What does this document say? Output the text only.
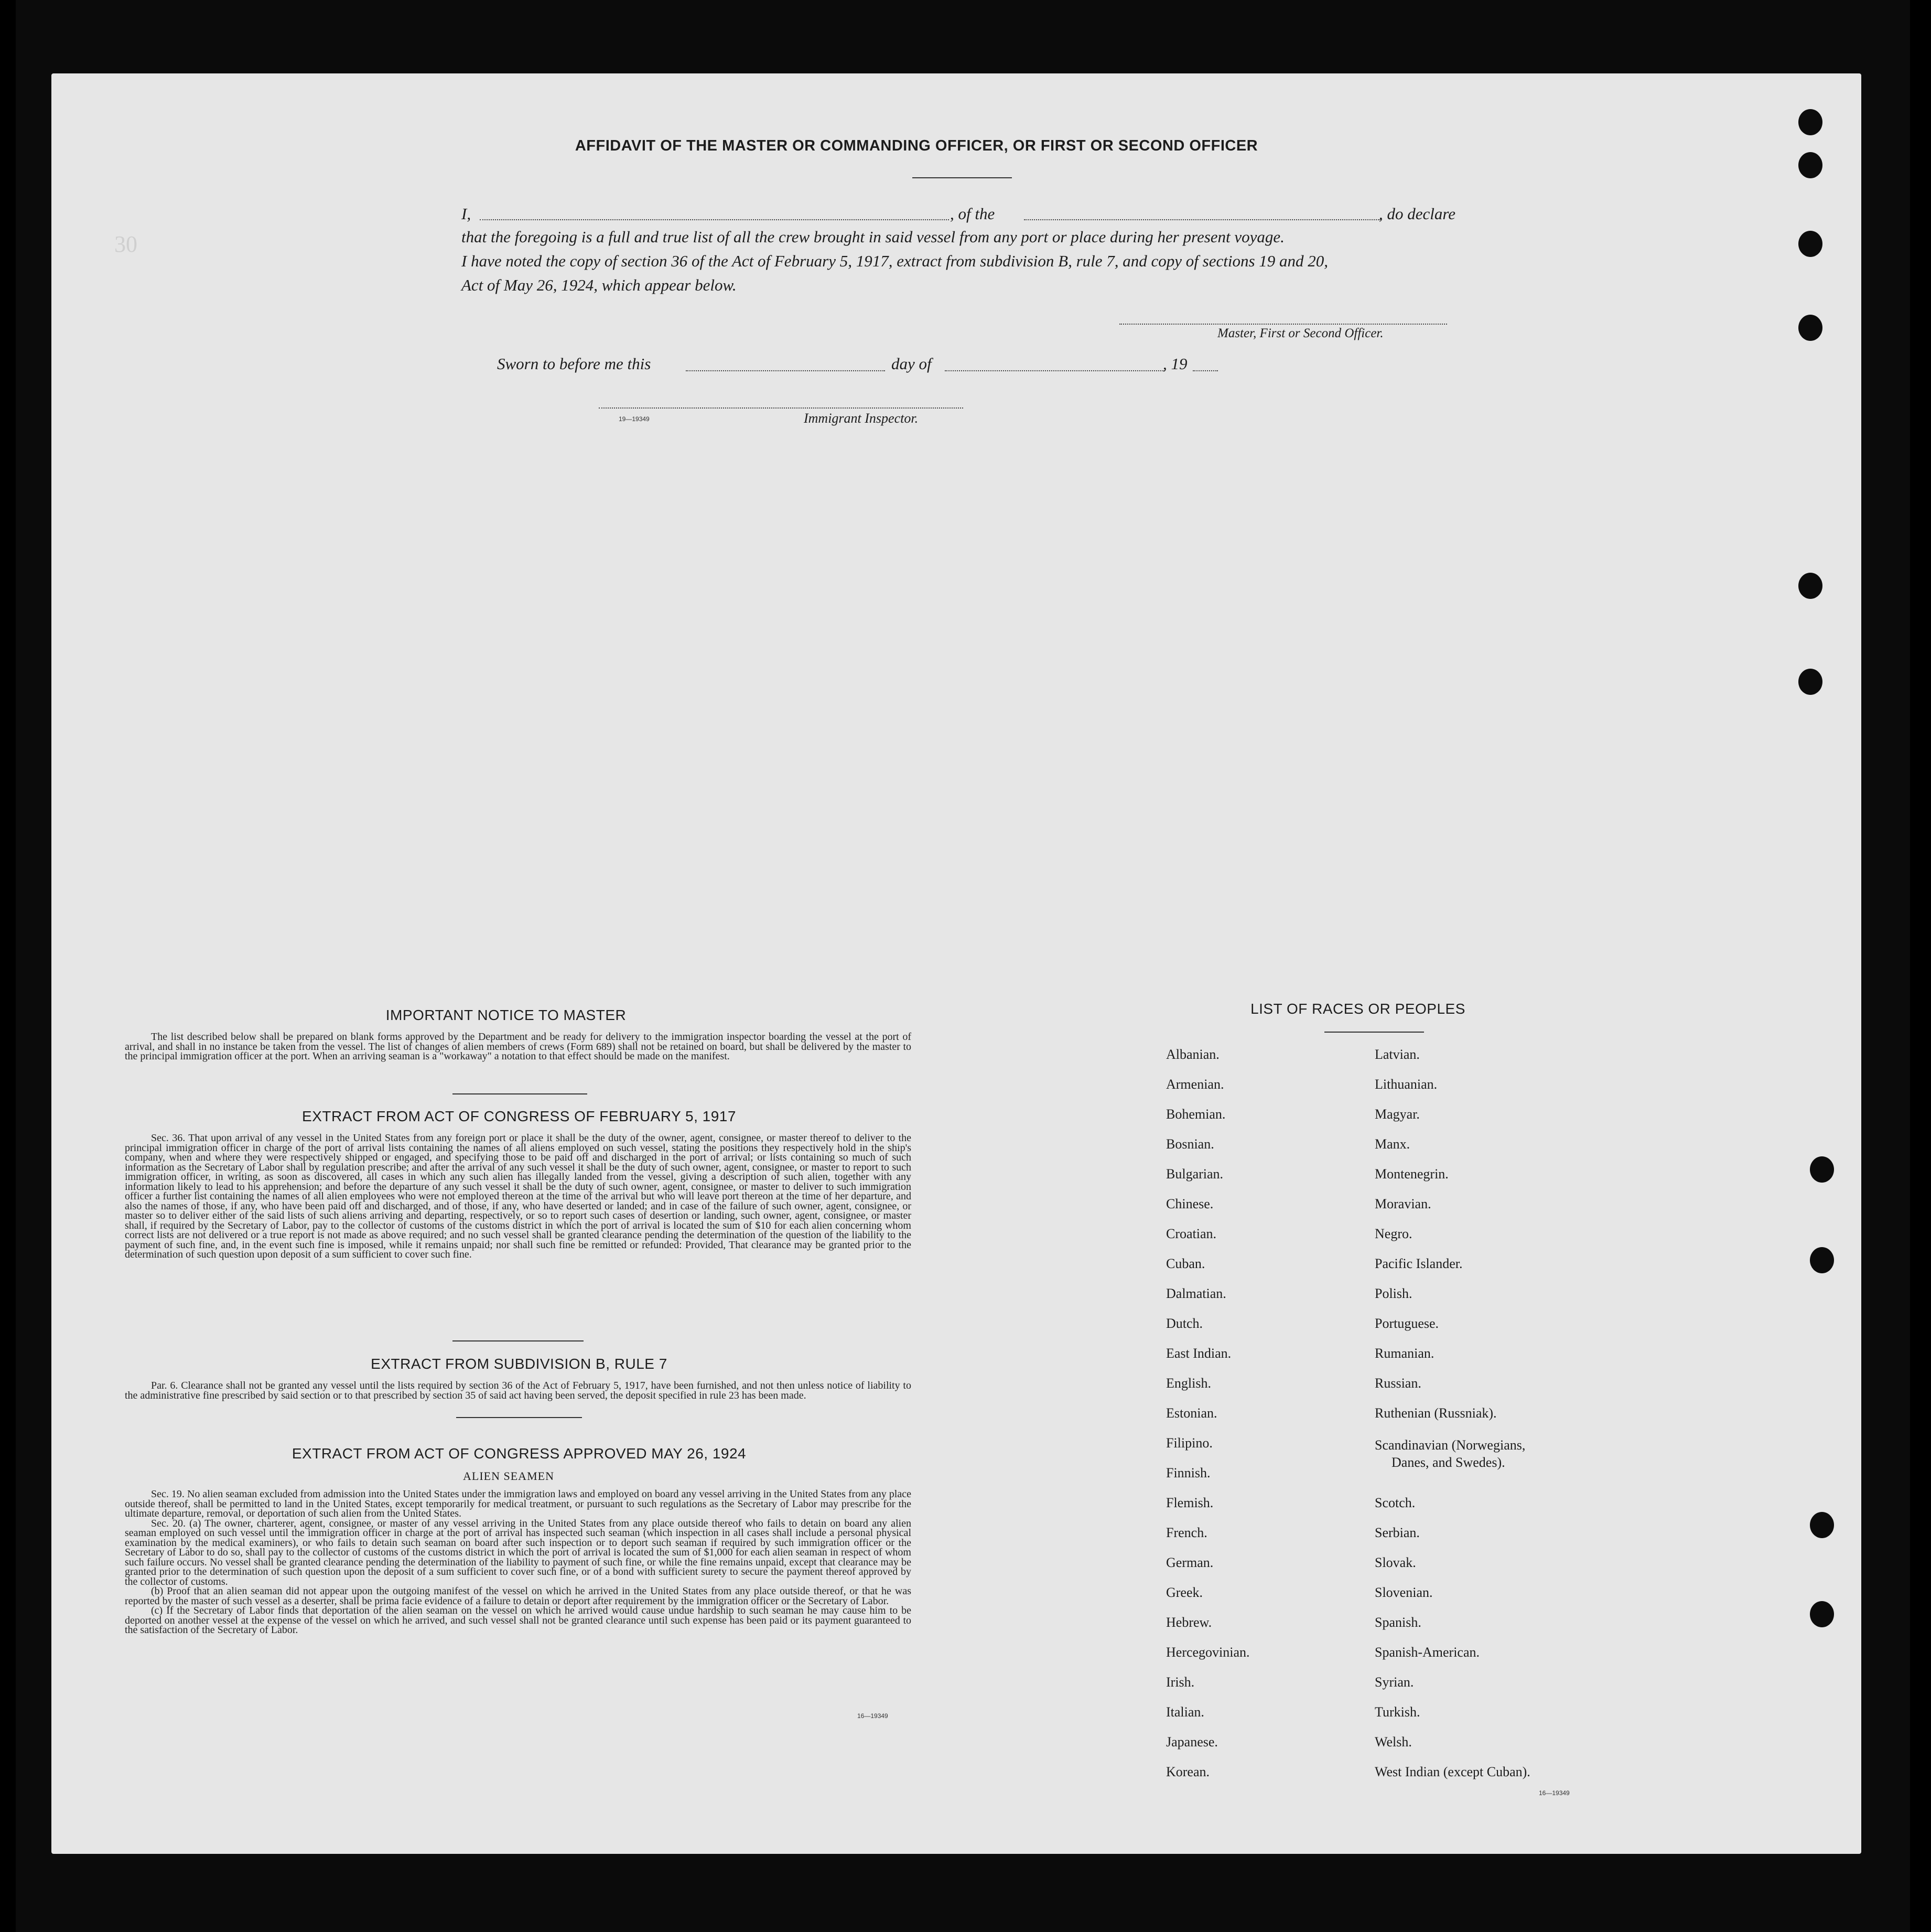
30
AFFIDAVIT OF THE MASTER OR COMMANDING OFFICER, OR FIRST OR SECOND OFFICER
I,	, of the	, do declare
that the foregoing is a full and true list of all the crew brought in said vessel from any port or place during her present voyage.
I have noted the copy of section 36 of the Act of February 5, 1917, extract from subdivision B, rule 7, and copy of sections 19 and 20,
Act of May 26, 1924, which appear below.
Master, First or Second Officer.
Sworn to before me this	day of	, 19
19—19349	Immigrant Inspector.
IMPORTANT NOTICE TO MASTER

The list described below shall be prepared on blank forms approved by the Department and be ready for delivery to the immigration inspector boarding the vessel at the port of arrival, and shall in no instance be taken from the vessel. The list of changes of alien members of crews (Form 689) shall not be retained on board, but shall be delivered by the master to the principal immigration officer at the port. When an arriving seaman is a "workaway" a notation to that effect should be made on the manifest.

EXTRACT FROM ACT OF CONGRESS OF FEBRUARY 5, 1917

Sec. 36. That upon arrival of any vessel in the United States from any foreign port or place it shall be the duty of the owner, agent, consignee, or master thereof to deliver to the principal immigration officer in charge of the port of arrival lists containing the names of all aliens employed on such vessel, stating the positions they respectively hold in the ship's company, when and where they were respectively shipped or engaged, and specifying those to be paid off and discharged in the port of arrival; or lists containing so much of such information as the Secretary of Labor shall by regulation prescribe; and after the arrival of any such vessel it shall be the duty of such owner, agent, consignee, or master to report to such immigration officer, in writing, as soon as discovered, all cases in which any such alien has illegally landed from the vessel, giving a description of such alien, together with any information likely to lead to his apprehension; and before the departure of any such vessel it shall be the duty of such owner, agent, consignee, or master to deliver to such immigration officer a further list containing the names of all alien employees who were not employed thereon at the time of the arrival but who will leave port thereon at the time of her departure, and also the names of those, if any, who have been paid off and discharged, and of those, if any, who have deserted or landed; and in case of the failure of such owner, agent, consignee, or master so to deliver either of the said lists of such aliens arriving and departing, respectively, or so to report such cases of desertion or landing, such owner, agent, consignee, or master shall, if required by the Secretary of Labor, pay to the collector of customs of the customs district in which the port of arrival is located the sum of $10 for each alien concerning whom correct lists are not delivered or a true report is not made as above required; and no such vessel shall be granted clearance pending the determination of the question of the liability to the payment of such fine, and, in the event such fine is imposed, while it remains unpaid; nor shall such fine be remitted or refunded: Provided, That clearance may be granted prior to the determination of such question upon deposit of a sum sufficient to cover such fine.

EXTRACT FROM SUBDIVISION B, RULE 7

Par. 6. Clearance shall not be granted any vessel until the lists required by section 36 of the Act of February 5, 1917, have been furnished, and not then unless notice of liability to the administrative fine prescribed by said section or to that prescribed by section 35 of said act having been served, the deposit specified in rule 23 has been made.

EXTRACT FROM ACT OF CONGRESS APPROVED MAY 26, 1924
ALIEN SEAMEN

Sec. 19. No alien seaman excluded from admission into the United States under the immigration laws and employed on board any vessel arriving in the United States from any place outside thereof, shall be permitted to land in the United States, except temporarily for medical treatment, or pursuant to such regulations as the Secretary of Labor may prescribe for the ultimate departure, removal, or deportation of such alien from the United States.

Sec. 20. (a) The owner, charterer, agent, consignee, or master of any vessel arriving in the United States from any place outside thereof who fails to detain on board any alien seaman employed on such vessel until the immigration officer in charge at the port of arrival has inspected such seaman (which inspection in all cases shall include a personal physical examination by the medical examiners), or who fails to detain such seaman on board after such inspection or to deport such seaman if required by such immigration officer or the Secretary of Labor to do so, shall pay to the collector of customs of the customs district in which the port of arrival is located the sum of $1,000 for each alien seaman in respect of whom such failure occurs. No vessel shall be granted clearance pending the determination of the liability to payment of such fine, or while the fine remains unpaid, except that clearance may be granted prior to the determination of such question upon the deposit of a sum sufficient to cover such fine, or of a bond with sufficient surety to secure the payment thereof approved by the collector of customs.

(b) Proof that an alien seaman did not appear upon the outgoing manifest of the vessel on which he arrived in the United States from any place outside thereof, or that he was reported by the master of such vessel as a deserter, shall be prima facie evidence of a failure to detain or deport after requirement by the immigration officer or the Secretary of Labor.

(c) If the Secretary of Labor finds that deportation of the alien seaman on the vessel on which he arrived would cause undue hardship to such seaman he may cause him to be deported on another vessel at the expense of the vessel on which he arrived, and such vessel shall not be granted clearance until such expense has been paid or its payment guaranteed to the satisfaction of the Secretary of Labor.

16—19349
LIST OF RACES OR PEOPLES
Albanian.
Armenian.
Bohemian.
Bosnian.
Bulgarian.
Chinese.
Croatian.
Cuban.
Dalmatian.
Dutch.
East Indian.
English.
Estonian.
Filipino.
Finnish.
Flemish.
French.
German.
Greek.
Hebrew.
Hercegovinian.
Irish.
Italian.
Japanese.
Korean.
Latvian.
Lithuanian.
Magyar.
Manx.
Montenegrin.
Moravian.
Negro.
Pacific Islander.
Polish.
Portuguese.
Rumanian.
Russian.
Ruthenian (Russniak).
Scandinavian (Norwegians,
Danes, and Swedes).
Scotch.
Serbian.
Slovak.
Slovenian.
Spanish.
Spanish-American.
Syrian.
Turkish.
Welsh.
West Indian (except Cuban).
16—19349
